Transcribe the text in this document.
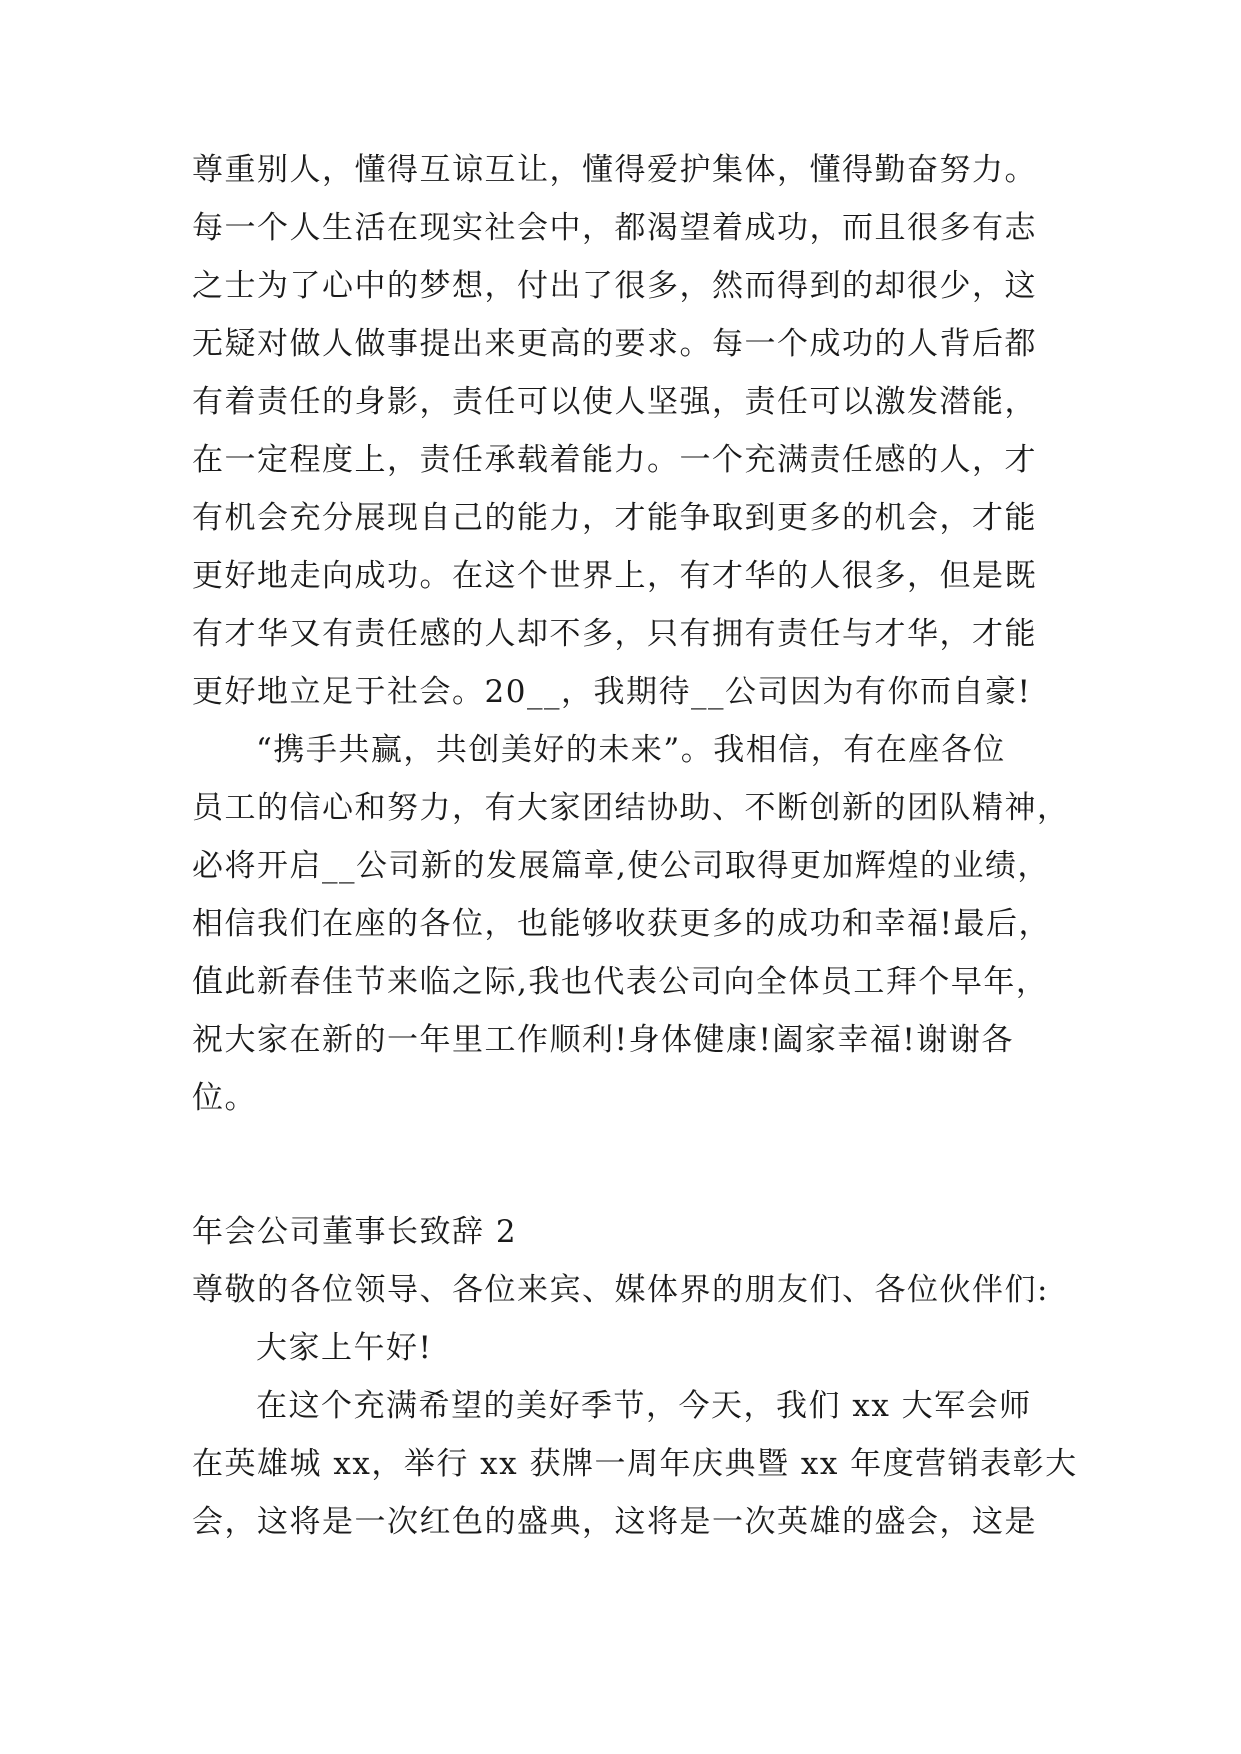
尊重别人，懂得互谅互让，懂得爱护集体，懂得勤奋努力。
每一个人生活在现实社会中，都渴望着成功，而且很多有志
之士为了心中的梦想，付出了很多，然而得到的却很少，这
无疑对做人做事提出来更高的要求。每一个成功的人背后都
有着责任的身影，责任可以使人坚强，责任可以激发潜能，
在一定程度上，责任承载着能力。一个充满责任感的人，才
有机会充分展现自己的能力，才能争取到更多的机会，才能
更好地走向成功。在这个世界上，有才华的人很多，但是既
有才华又有责任感的人却不多，只有拥有责任与才华，才能
更好地立足于社会。20__，我期待__公司因为有你而自豪!
“携手共赢，共创美好的未来”。我相信，有在座各位
员工的信心和努力，有大家团结协助、不断创新的团队精神，
必将开启__公司新的发展篇章,使公司取得更加辉煌的业绩，
相信我们在座的各位，也能够收获更多的成功和幸福!最后，
值此新春佳节来临之际,我也代表公司向全体员工拜个早年，
祝大家在新的一年里工作顺利!身体健康!阖家幸福!谢谢各
位。
年会公司董事长致辞 2
尊敬的各位领导、各位来宾、媒体界的朋友们、各位伙伴们:
大家上午好!
在这个充满希望的美好季节，今天，我们 xx 大军会师
在英雄城 xx，举行 xx 获牌一周年庆典暨 xx 年度营销表彰大
会，这将是一次红色的盛典，这将是一次英雄的盛会，这是
